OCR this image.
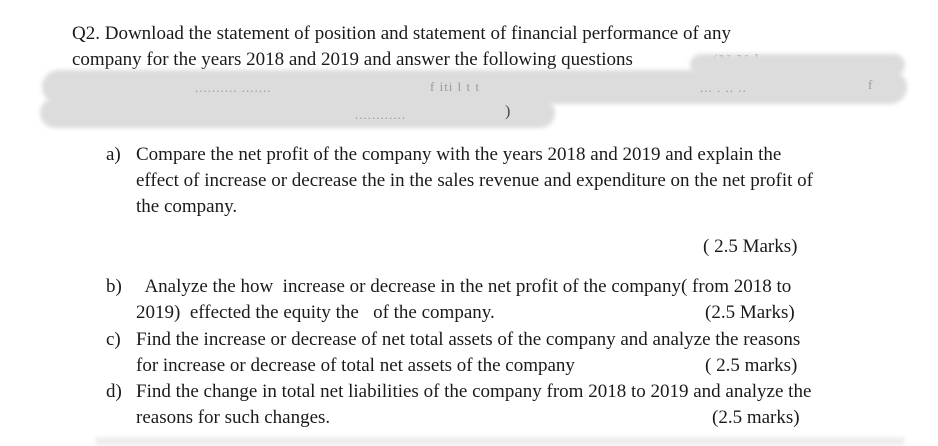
Q2. Download the statement of position and statement of financial performance of any
company for the years 2018 and 2019 and answer the following questions
.......... .......	f iti l t t	... . .. ..	f
............	)
a) Compare the net profit of the company with the years 2018 and 2019 and explain the
effect of increase or decrease the in the sales revenue and expenditure on the net profit of
the company.
( 2.5 Marks)
b) Analyze the how  increase or decrease in the net profit of the company( from 2018 to
2019)  effected the equity the   of the company.	(2.5 Marks)
c) Find the increase or decrease of net total assets of the company and analyze the reasons
for increase or decrease of total net assets of the company	( 2.5 marks)
d) Find the change in total net liabilities of the company from 2018 to 2019 and analyze the
reasons for such changes.	(2.5 marks)
